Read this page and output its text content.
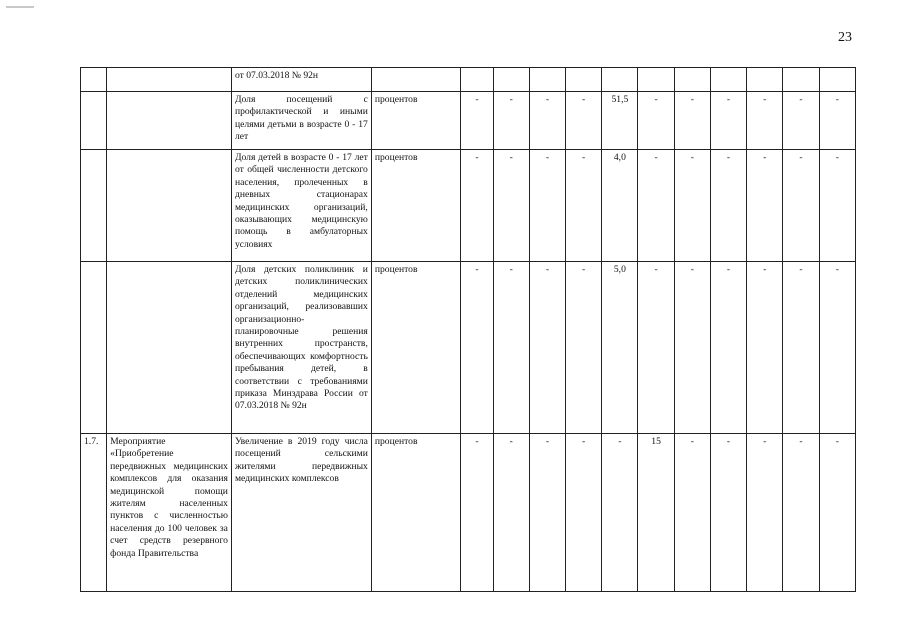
23
		от 07.03.2018 № 92н												
		Доля посещений с профилактической и иными целями детьми в возрасте 0 - 17 лет	процентов	-	-	-	-	51,5	-	-	-	-	-	-
		Доля детей в возрасте 0 - 17 лет от общей численности детского населения, пролеченных в дневных стационарах медицинских организаций, оказывающих медицинскую помощь в амбулаторных условиях	процентов	-	-	-	-	4,0	-	-	-	-	-	-
		Доля детских поликлиник и детских поликлинических отделений медицинских организаций, реализовавших организационно-планировочные решения внутренних пространств, обеспечивающих комфортность пребывания детей, в соответствии с требованиями приказа Минздрава России от 07.03.2018 № 92н	процентов	-	-	-	-	5,0	-	-	-	-	-	-
1.7.	Мероприятие «Приобретение передвижных медицинских комплексов для оказания медицинской помощи жителям населенных пунктов с численностью населения до 100 человек за счет средств резервного фонда Правительства	Увеличение в 2019 году числа посещений сельскими жителями передвижных медицинских комплексов	процентов	-	-	-	-	-	15	-	-	-	-	-
